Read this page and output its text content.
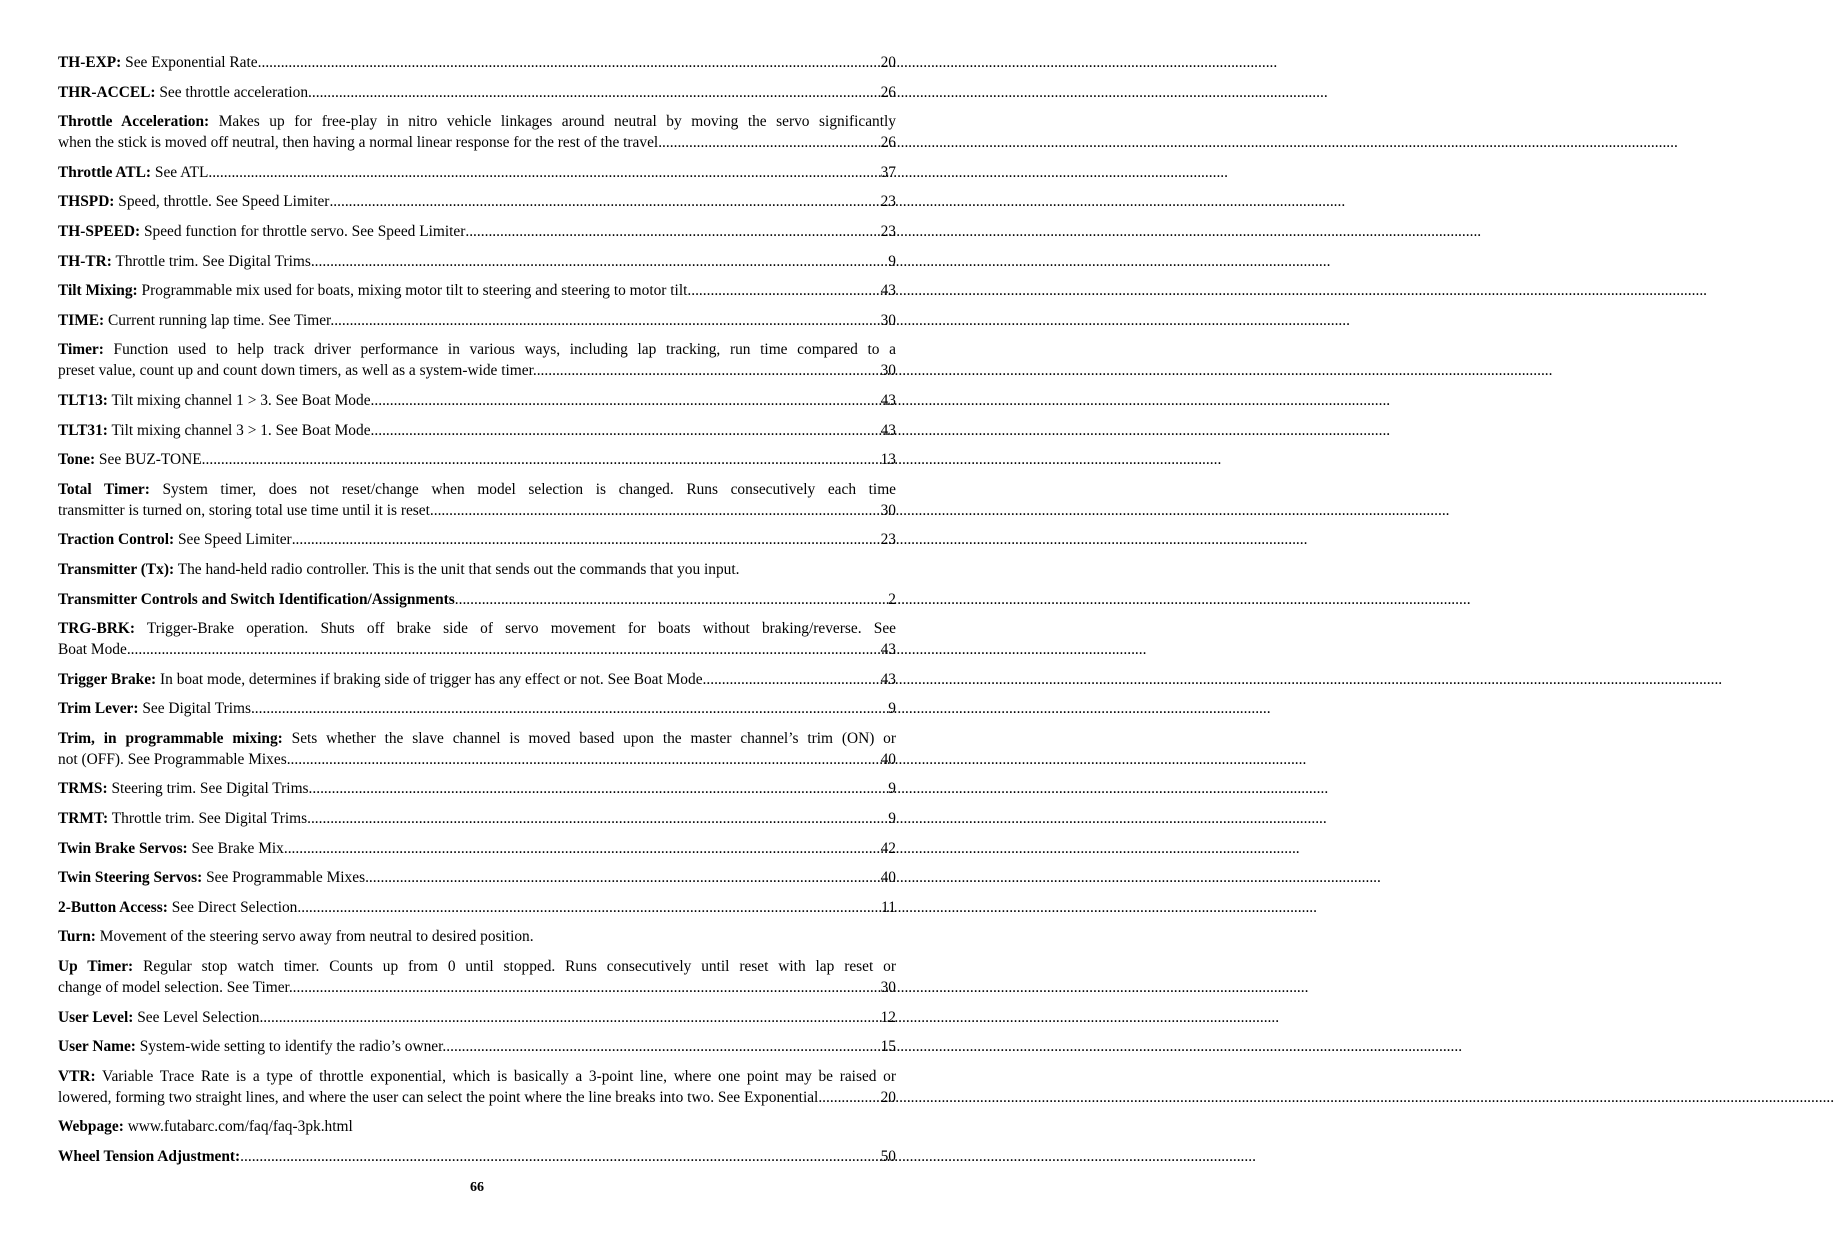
TH-EXP: See Exponential Rate. .....	20
THR-ACCEL: See throttle acceleration. .....	26
Throttle Acceleration: Makes up for free-play in nitro vehicle linkages around neutral by moving the servo significantly
when the stick is moved off neutral, then having a normal linear response for the rest of the travel. .....	26
Throttle ATL: See ATL. .....	37
THSPD: Speed, throttle. See Speed Limiter .....	23
TH-SPEED: Speed function for throttle servo. See Speed Limiter .....	23
TH-TR: Throttle trim. See Digital Trims. .....	9
Tilt Mixing: Programmable mix used for boats, mixing motor tilt to steering and steering to motor tilt. .....	43
TIME: Current running lap time. See Timer. .....	30
Timer: Function used to help track driver performance in various ways, including lap tracking, run time compared to a
preset value, count up and count down timers, as well as a system-wide timer. .....	30
TLT13: Tilt mixing channel 1 > 3. See Boat Mode. .....	43
TLT31: Tilt mixing channel 3 > 1. See Boat Mode. .....	43
Tone: See BUZ-TONE. .....	13
Total Timer: System timer, does not reset/change when model selection is changed. Runs consecutively each time
transmitter is turned on, storing total use time until it is reset. .....	30
Traction Control: See Speed Limiter .....	23
Transmitter (Tx): The hand-held radio controller. This is the unit that sends out the commands that you input.
Transmitter Controls and Switch Identification/Assignments .....	2
TRG-BRK: Trigger-Brake operation. Shuts off brake side of servo movement for boats without braking/reverse. See
Boat Mode. .....	43
Trigger Brake: In boat mode, determines if braking side of trigger has any effect or not. See Boat Mode. .....	43
Trim Lever: See Digital Trims. .....	9
Trim, in programmable mixing: Sets whether the slave channel is moved based upon the master channel’s trim (ON) or
not (OFF). See Programmable Mixes. .....	40
TRMS: Steering trim. See Digital Trims. .....	9
TRMT: Throttle trim. See Digital Trims. .....	9
Twin Brake Servos: See Brake Mix .....	42
Twin Steering Servos: See Programmable Mixes .....	40
2-Button Access: See Direct Selection. .....	11
Turn: Movement of the steering servo away from neutral to desired position.
Up Timer: Regular stop watch timer. Counts up from 0 until stopped. Runs consecutively until reset with lap reset or
change of model selection. See Timer. .....	30
User Level: See Level Selection. .....	12
User Name: System-wide setting to identify the radio’s owner. .....	15
VTR: Variable Trace Rate is a type of throttle exponential, which is basically a 3-point line, where one point may be raised or
lowered, forming two straight lines, and where the user can select the point where the line breaks into two. See Exponential .....	20
Webpage: www.futabarc.com/faq/faq-3pk.html
Wheel Tension Adjustment: .....	50
66
